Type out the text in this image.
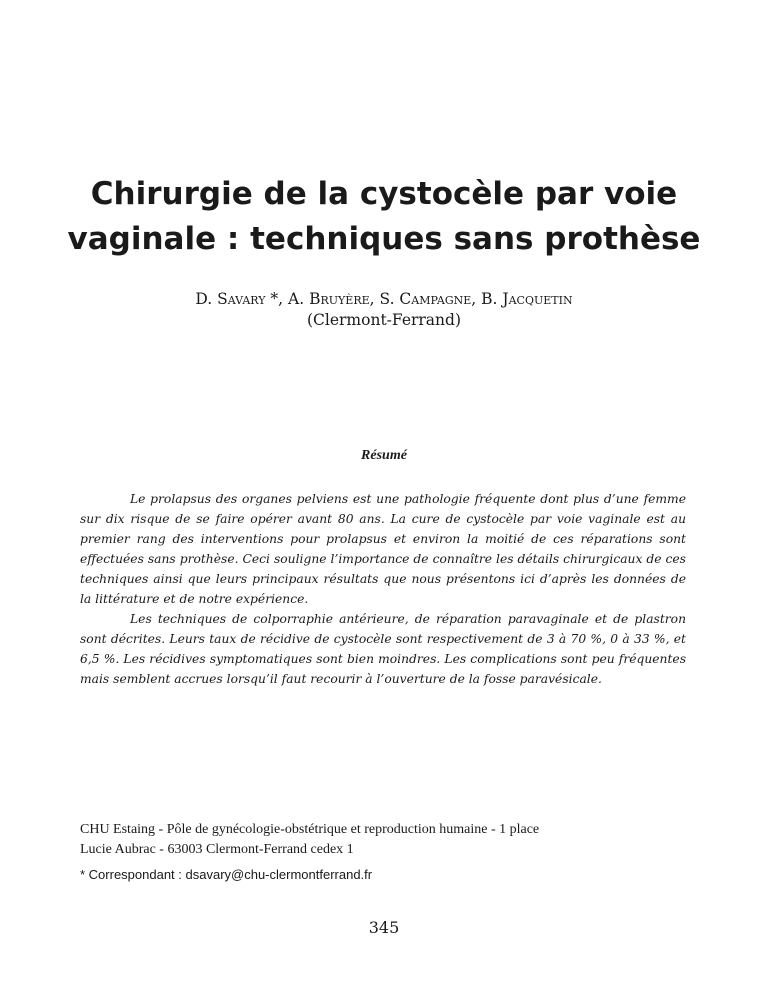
Chirurgie de la cystocèle par voie
vaginale : techniques sans prothèse
D. Savary *, A. Bruyère, S. Campagne, B. Jacquetin
(Clermont-Ferrand)
Résumé

Le prolapsus des organes pelviens est une pathologie fréquente dont plus d’une femme sur dix risque de se faire opérer avant 80 ans. La cure de cystocèle par voie vaginale est au premier rang des interventions pour prolapsus et environ la moitié de ces réparations sont effectuées sans prothèse. Ceci souligne l’importance de connaître les détails chirurgicaux de ces techniques ainsi que leurs principaux résultats que nous présentons ici d’après les données de la littérature et de notre expérience.

Les techniques de colporraphie antérieure, de réparation paravaginale et de plastron sont décrites. Leurs taux de récidive de cystocèle sont respectivement de 3 à 70 %, 0 à 33 %, et 6,5 %. Les récidives symptomatiques sont bien moindres. Les complications sont peu fréquentes mais semblent accrues lorsqu’il faut recourir à l’ouverture de la fosse paravésicale.

CHU Estaing - Pôle de gynécologie-obstétrique et reproduction humaine - 1 place
Lucie Aubrac - 63003 Clermont-Ferrand cedex 1
* Correspondant : dsavary@chu-clermontferrand.fr
345
